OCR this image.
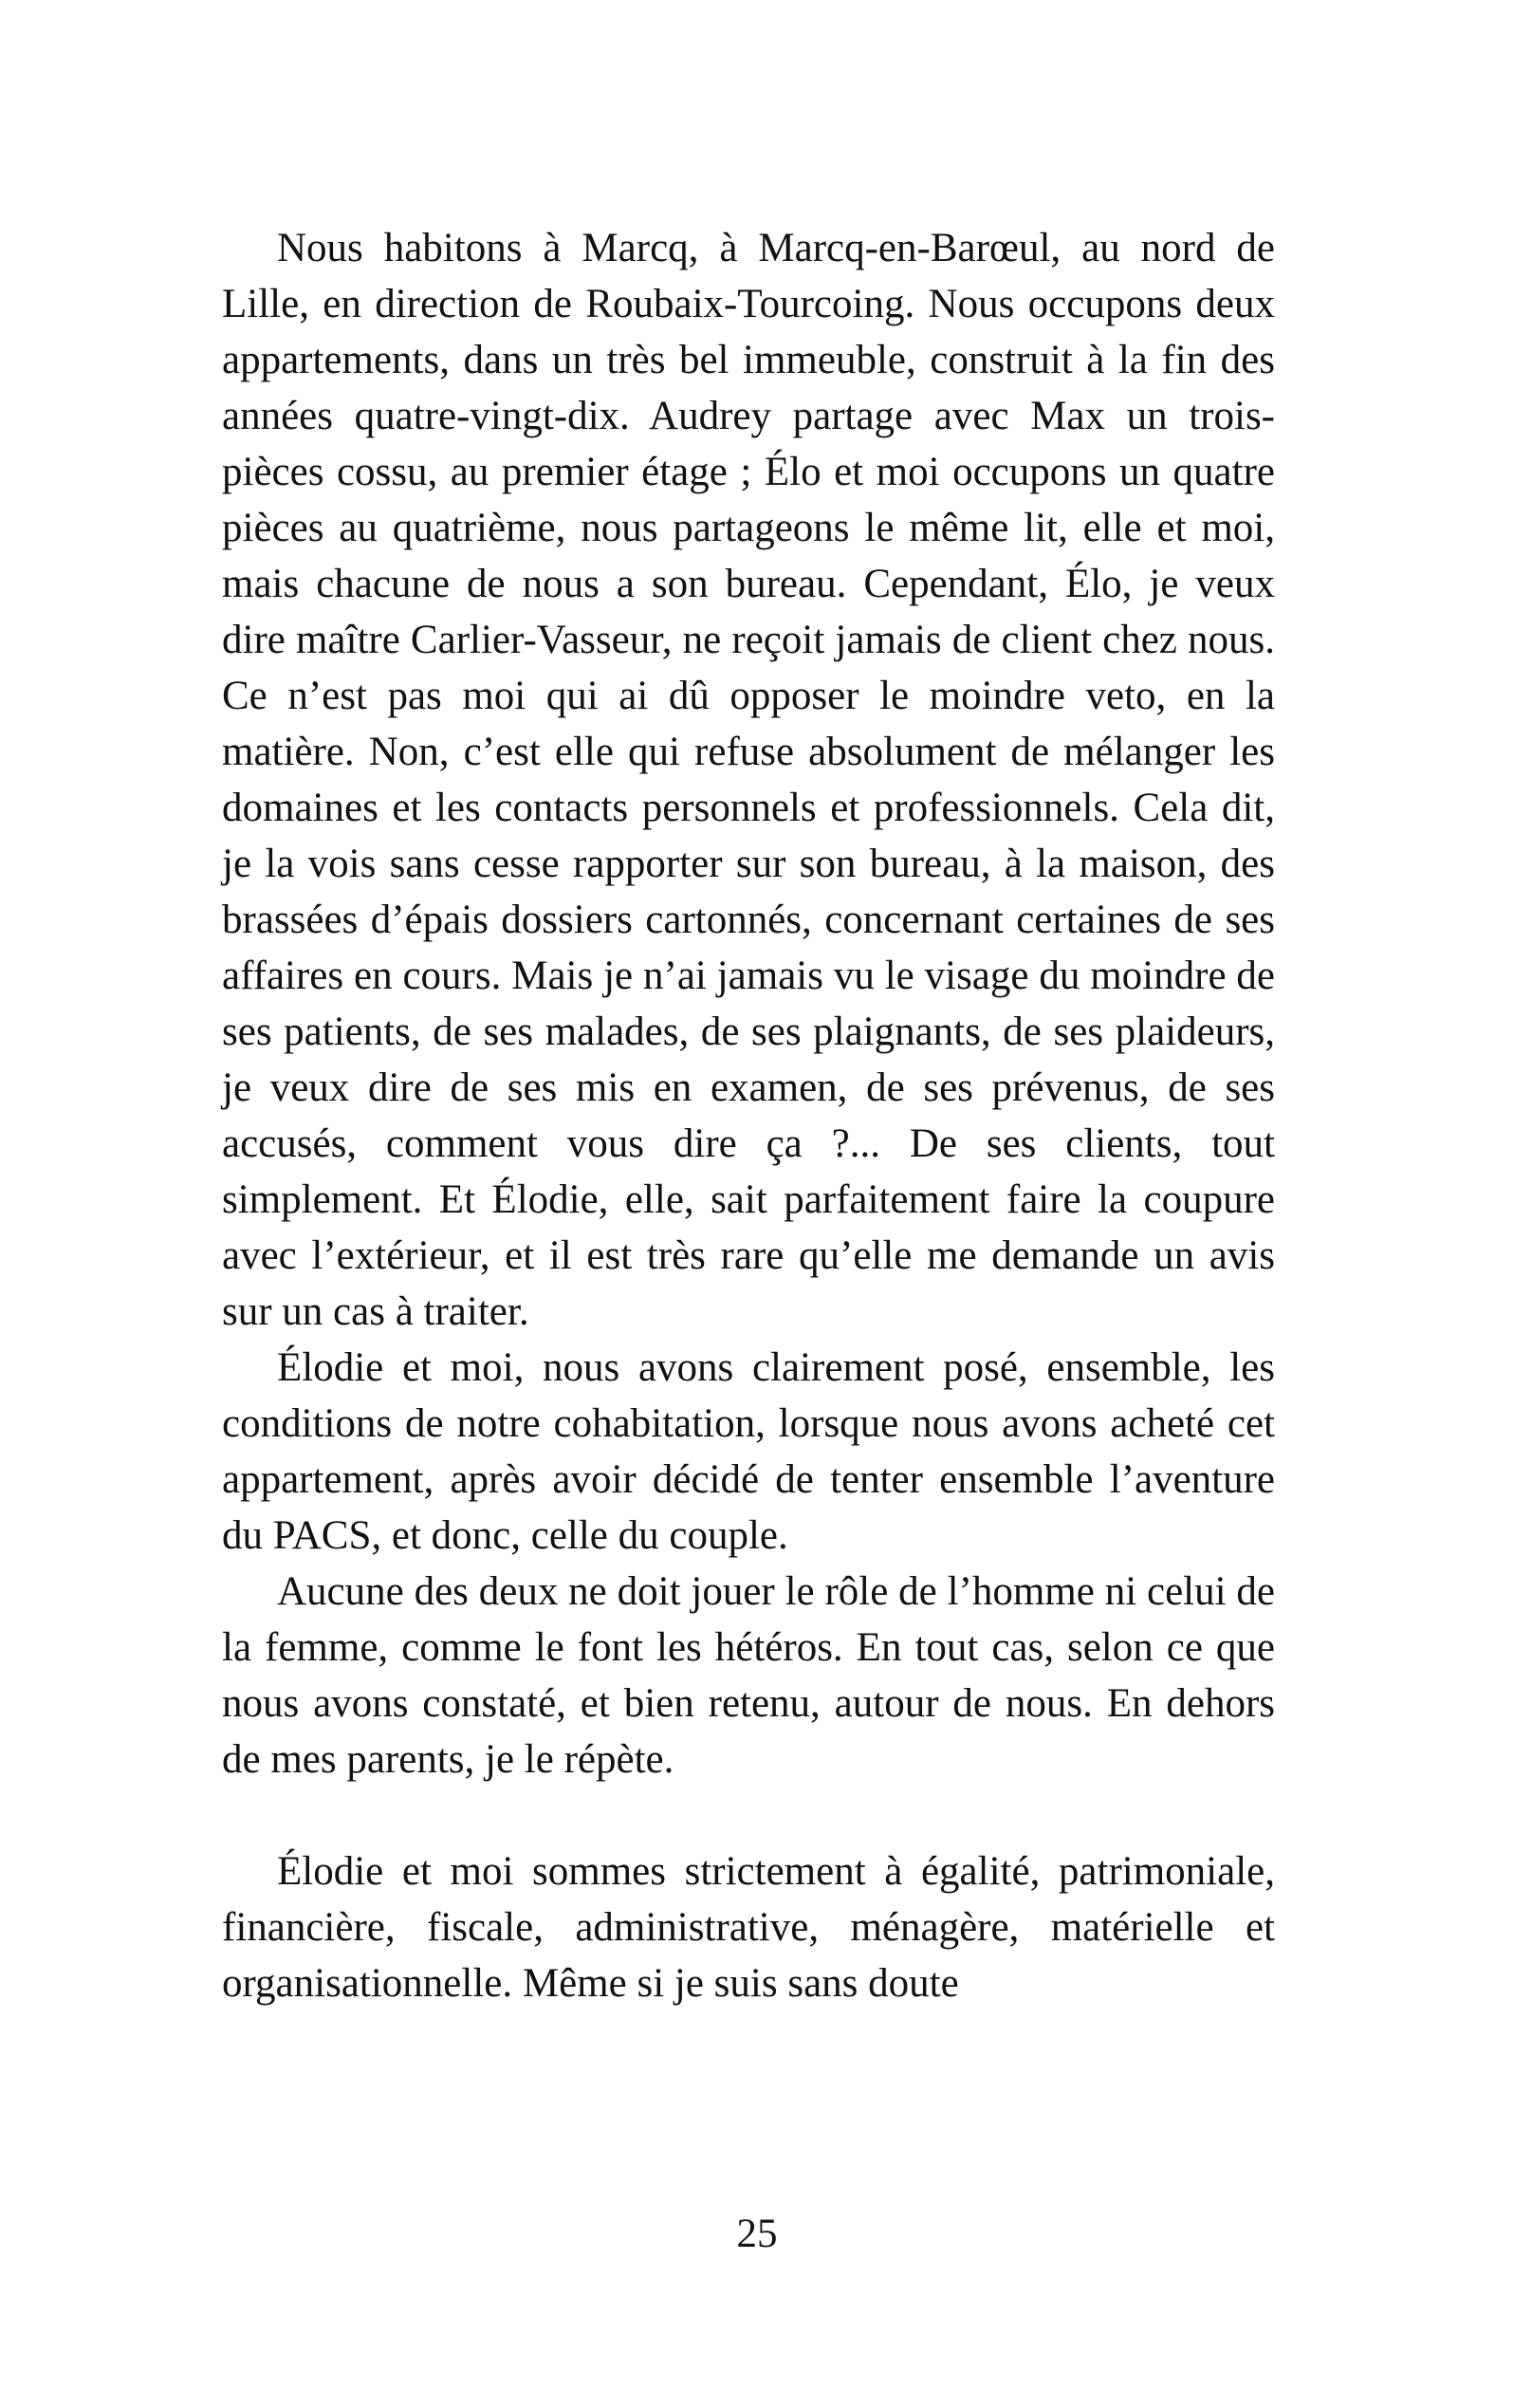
Nous habitons à Marcq, à Marcq-en-Barœul, au nord de Lille, en direction de Roubaix-Tourcoing. Nous occupons deux appartements, dans un très bel immeuble, construit à la fin des années quatre-vingt-dix. Audrey partage avec Max un trois-pièces cossu, au premier étage ; Élo et moi occupons un quatre pièces au quatrième, nous partageons le même lit, elle et moi, mais chacune de nous a son bureau. Cependant, Élo, je veux dire maître Carlier-Vasseur, ne reçoit jamais de client chez nous. Ce n’est pas moi qui ai dû opposer le moindre veto, en la matière. Non, c’est elle qui refuse absolument de mélanger les domaines et les contacts personnels et professionnels. Cela dit, je la vois sans cesse rapporter sur son bureau, à la maison, des brassées d’épais dossiers cartonnés, concernant certaines de ses affaires en cours. Mais je n’ai jamais vu le visage du moindre de ses patients, de ses malades, de ses plaignants, de ses plaideurs, je veux dire de ses mis en examen, de ses prévenus, de ses accusés, comment vous dire ça ?... De ses clients, tout simplement. Et Élodie, elle, sait parfaitement faire la coupure avec l’extérieur, et il est très rare qu’elle me demande un avis sur un cas à traiter.

Élodie et moi, nous avons clairement posé, ensemble, les conditions de notre cohabitation, lorsque nous avons acheté cet appartement, après avoir décidé de tenter ensemble l’aventure du PACS, et donc, celle du couple.

Aucune des deux ne doit jouer le rôle de l’homme ni celui de la femme, comme le font les hétéros. En tout cas, selon ce que nous avons constaté, et bien retenu, autour de nous. En dehors de mes parents, je le répète.

Élodie et moi sommes strictement à égalité, patrimoniale, financière, fiscale, administrative, ménagère, matérielle et organisationnelle. Même si je suis sans doute

25
